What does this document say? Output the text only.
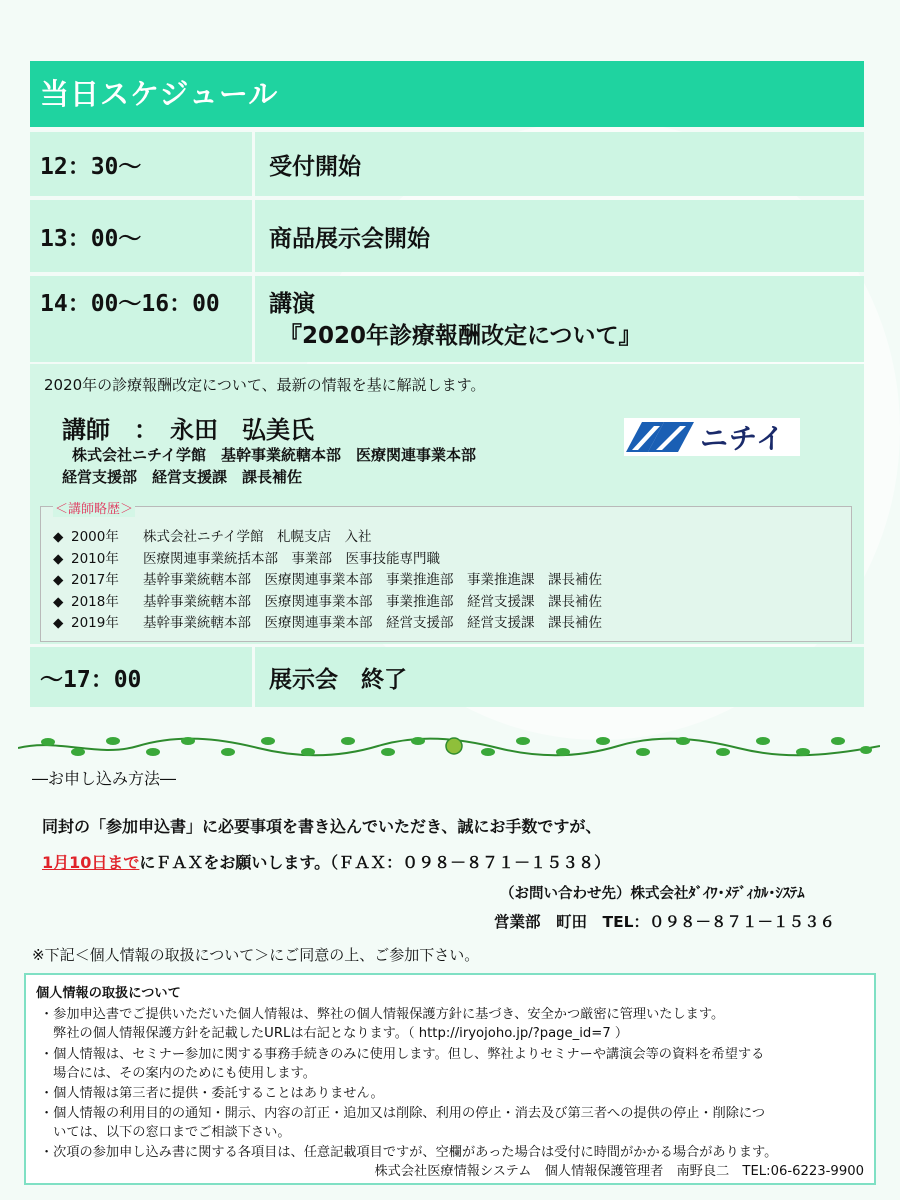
当日スケジュール
12：30～	受付開始
13：00～	商品展示会開始
14：00～16：00	講演
『2020年診療報酬改定について』
2020年の診療報酬改定について、最新の情報を基に解説します。
講師　：　永田　弘美氏
株式会社ニチイ学館　基幹事業統轄本部　医療関連事業本部
経営支援部　経営支援課　課長補佐
ニチイ
＜講師略歴＞
◆ 2000年 株式会社ニチイ学館　札幌支店　入社
◆ 2010年 医療関連事業統括本部　事業部　医事技能専門職
◆ 2017年 基幹事業統轄本部　医療関連事業本部　事業推進部　事業推進課　課長補佐
◆ 2018年 基幹事業統轄本部　医療関連事業本部　事業推進部　経営支援課　課長補佐
◆ 2019年 基幹事業統轄本部　医療関連事業本部　経営支援部　経営支援課　課長補佐
～17：00	展示会　終了
―お申し込み方法―
同封の「参加申込書」に必要事項を書き込んでいただき、誠にお手数ですが、
1月10日までにＦＡＸをお願いします。（ＦＡＸ：０９８－８７１－１５３８）
（お問い合わせ先）株式会社ﾀﾞｲﾜ･ﾒﾃﾞｨｶﾙ･ｼｽﾃﾑ
営業部　町田　TEL：０９８－８７１－１５３６
※下記＜個人情報の取扱について＞にご同意の上、ご参加下さい。
個人情報の取扱について
・参加申込書でご提供いただいた個人情報は、弊社の個人情報保護方針に基づき、安全かつ厳密に管理いたします。
　弊社の個人情報保護方針を記載したURLは右記となります。（ http://iryojoho.jp/?page_id=7 ）
・個人情報は、セミナー参加に関する事務手続きのみに使用します。但し、弊社よりセミナーや講演会等の資料を希望する
　場合には、その案内のためにも使用します。
・個人情報は第三者に提供・委託することはありません。
・個人情報の利用目的の通知・開示、内容の訂正・追加又は削除、利用の停止・消去及び第三者への提供の停止・削除につ
　いては、以下の窓口までご相談下さい。
・次項の参加申し込み書に関する各項目は、任意記載項目ですが、空欄があった場合は受付に時間がかかる場合があります。
株式会社医療情報システム　個人情報保護管理者　南野良二　TEL:06-6223-9900
